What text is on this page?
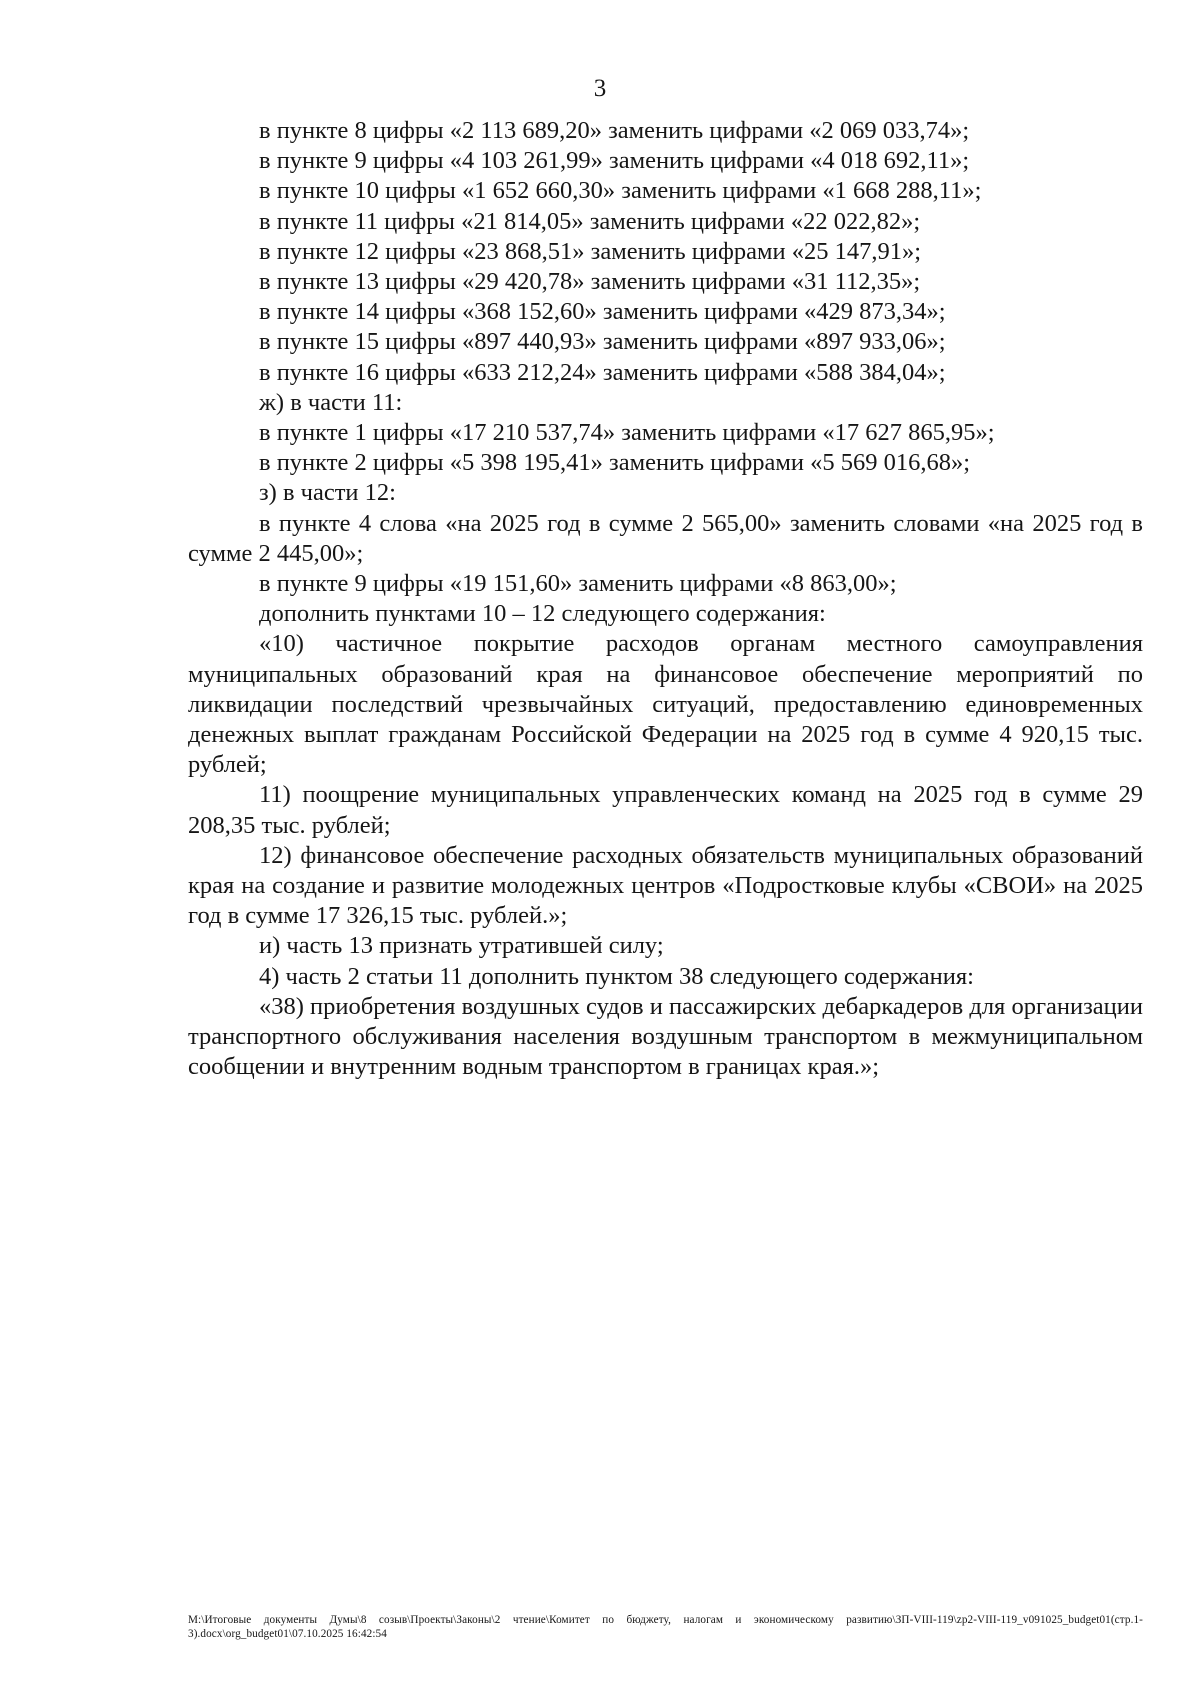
3

в пункте 8 цифры «2 113 689,20» заменить цифрами «2 069 033,74»;

в пункте 9 цифры «4 103 261,99» заменить цифрами «4 018 692,11»;

в пункте 10 цифры «1 652 660,30» заменить цифрами «1 668 288,11»;

в пункте 11 цифры «21 814,05» заменить цифрами «22 022,82»;

в пункте 12 цифры «23 868,51» заменить цифрами «25 147,91»;

в пункте 13 цифры «29 420,78» заменить цифрами «31 112,35»;

в пункте 14 цифры «368 152,60» заменить цифрами «429 873,34»;

в пункте 15 цифры «897 440,93» заменить цифрами «897 933,06»;

в пункте 16 цифры «633 212,24» заменить цифрами «588 384,04»;

ж) в части 11:

в пункте 1 цифры «17 210 537,74» заменить цифрами «17 627 865,95»;

в пункте 2 цифры «5 398 195,41» заменить цифрами «5 569 016,68»;

з) в части 12:

в пункте 4 слова «на 2025 год в сумме 2 565,00» заменить словами «на 2025 год в сумме 2 445,00»;

в пункте 9 цифры «19 151,60» заменить цифрами «8 863,00»;

дополнить пунктами 10 – 12 следующего содержания:

«10) частичное покрытие расходов органам местного самоуправления муниципальных образований края на финансовое обеспечение мероприятий по ликвидации последствий чрезвычайных ситуаций, предоставлению единовременных денежных выплат гражданам Российской Федерации на 2025 год в сумме 4 920,15 тыс. рублей;

11) поощрение муниципальных управленческих команд на 2025 год в сумме 29 208,35 тыс. рублей;

12) финансовое обеспечение расходных обязательств муниципальных образований края на создание и развитие молодежных центров «Подростковые клубы «СВОИ» на 2025 год в сумме 17 326,15 тыс. рублей.»;

и) часть 13 признать утратившей силу;

4) часть 2 статьи 11 дополнить пунктом 38 следующего содержания:

«38) приобретения воздушных судов и пассажирских дебаркадеров для организации транспортного обслуживания населения воздушным транспортом в межмуниципальном сообщении и внутренним водным транспортом в границах края.»;

M:\Итоговые документы Думы\8 созыв\Проекты\Законы\2 чтение\Комитет по бюджету, налогам и экономическому развитию\ЗП-VIII-119\zp2-VIII-119_v091025_budget01(стр.1-3).docx\org_budget01\07.10.2025 16:42:54
